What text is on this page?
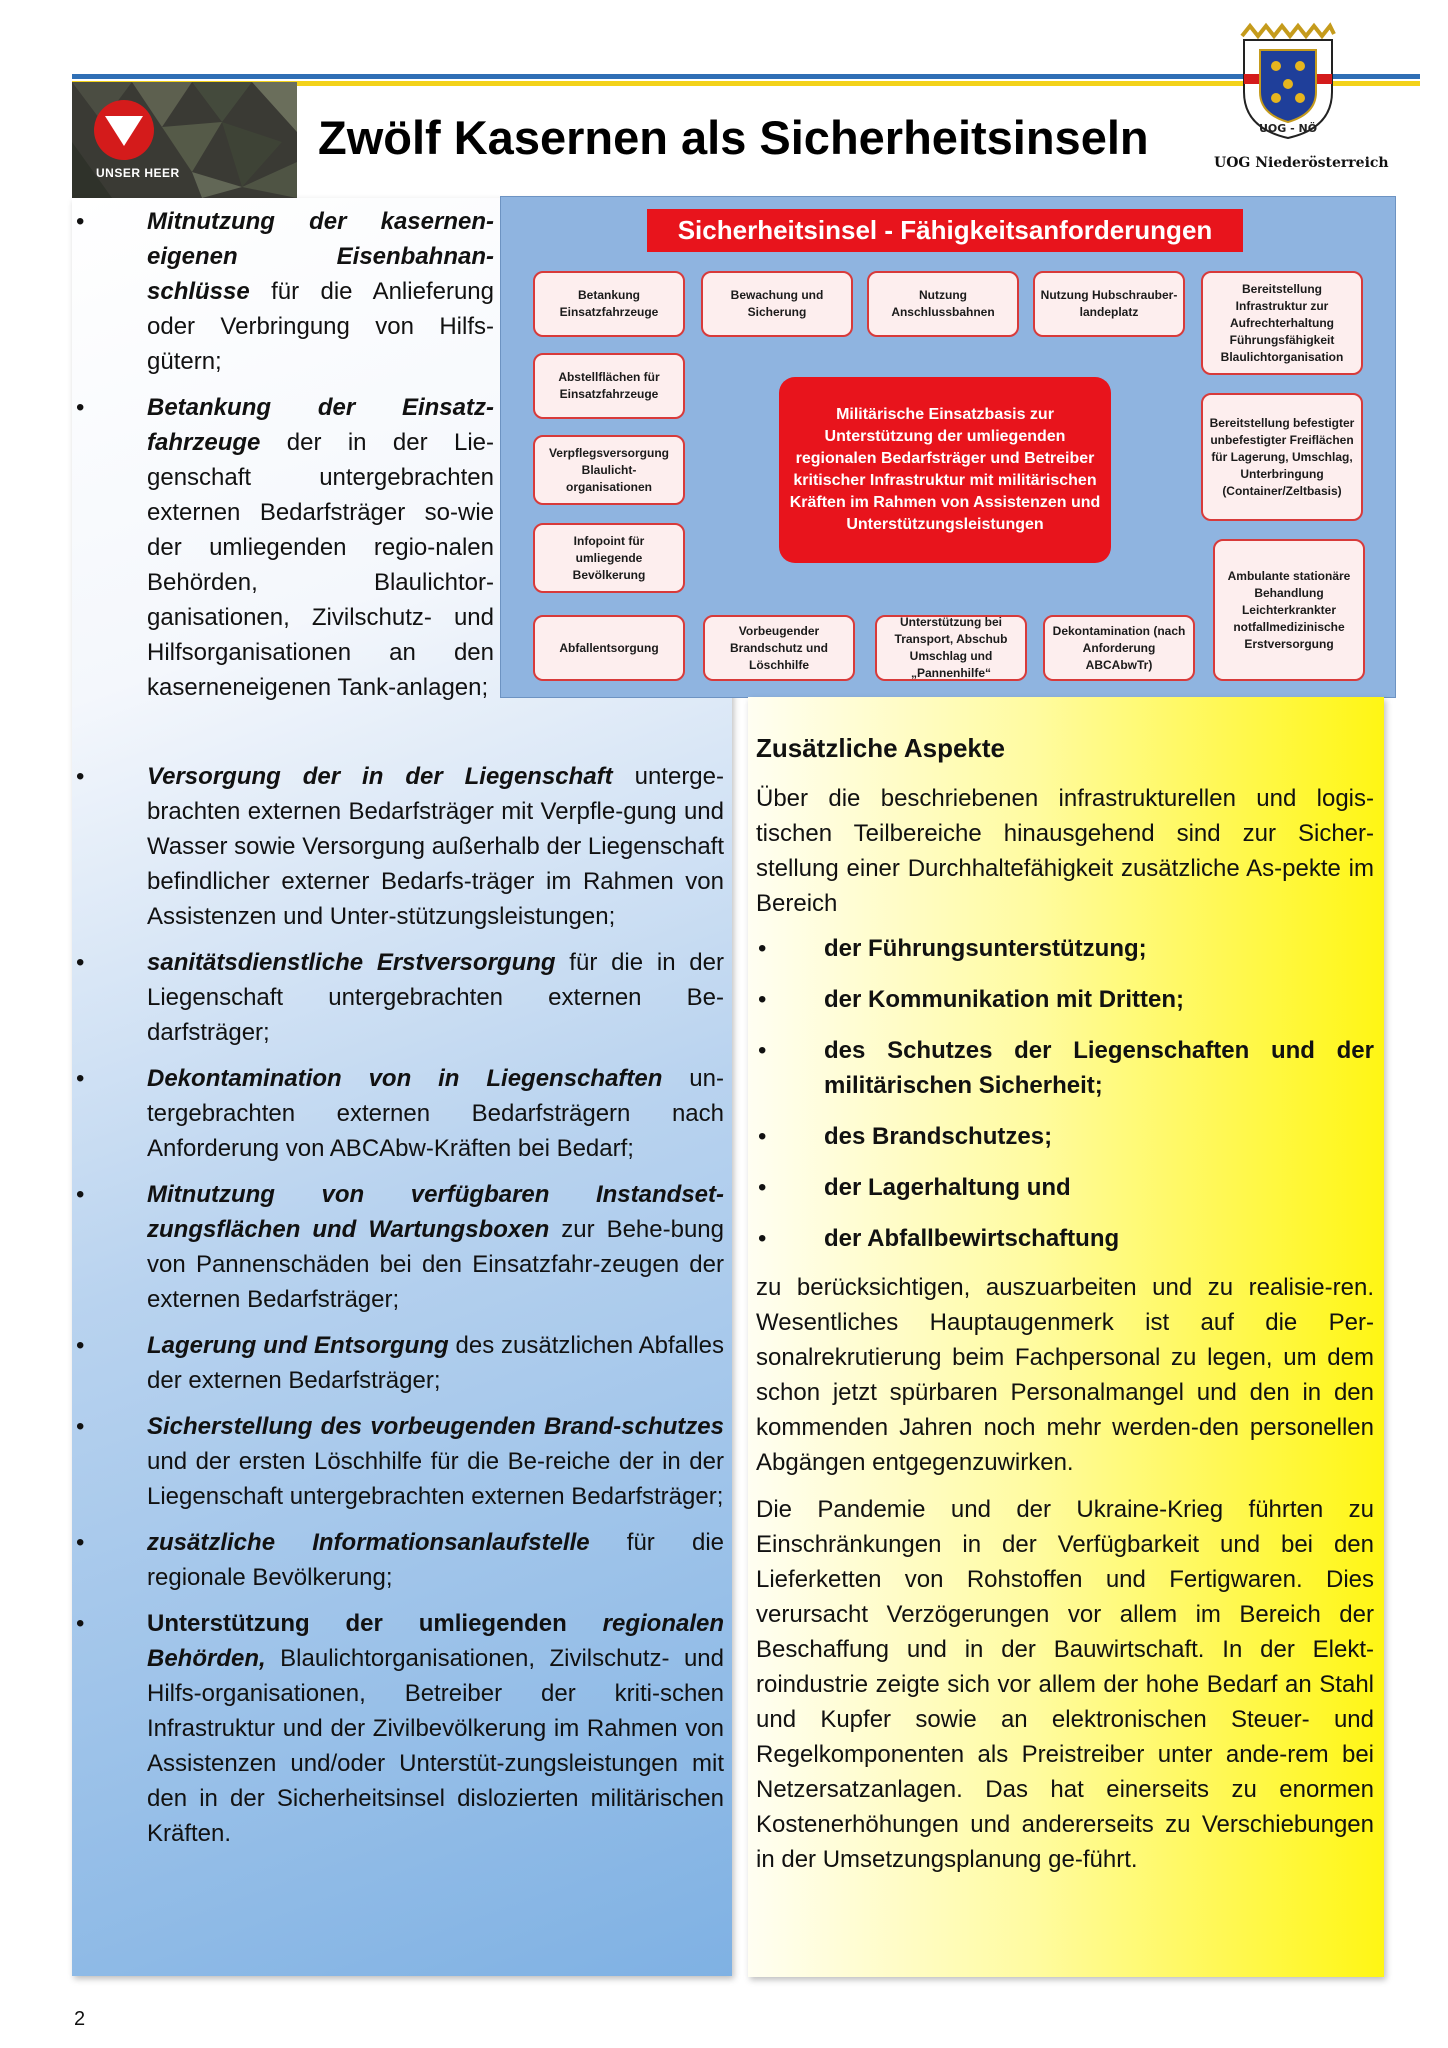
UNSER HEER
Zwölf Kasernen als Sicherheitsinseln	UOG - NÖ
UOG Niederösterreich
• Mitnutzung der kasernen-eigenen Eisenbahnan-schlüsse für die Anlieferung oder Verbringung von Hilfs-gütern;
• Betankung der Einsatz-fahrzeuge der in der Lie-genschaft untergebrachten externen Bedarfsträger so-wie der umliegenden regio-nalen Behörden, Blaulichtor-ganisationen, Zivilschutz- und Hilfsorganisationen an den kaserneneigenen Tank-anlagen;
• Versorgung der in der Liegenschaft unterge-brachten externen Bedarfsträger mit Verpfle-gung und Wasser sowie Versorgung außerhalb der Liegenschaft befindlicher externer Bedarfs-träger im Rahmen von Assistenzen und Unter-stützungsleistungen;
• sanitätsdienstliche Erstversorgung für die in der Liegenschaft untergebrachten externen Be-darfsträger;
• Dekontamination von in Liegenschaften un-tergebrachten externen Bedarfsträgern nach Anforderung von ABCAbw-Kräften bei Bedarf;
• Mitnutzung von verfügbaren Instandset-zungsflächen und Wartungsboxen zur Behe-bung von Pannenschäden bei den Einsatzfahr-zeugen der externen Bedarfsträger;
• Lagerung und Entsorgung des zusätzlichen Abfalles der externen Bedarfsträger;
• Sicherstellung des vorbeugenden Brand-schutzes und der ersten Löschhilfe für die Be-reiche der in der Liegenschaft untergebrachten externen Bedarfsträger;
• zusätzliche Informationsanlaufstelle für die regionale Bevölkerung;
• Unterstützung der umliegenden regionalen Behörden, Blaulichtorganisationen, Zivilschutz- und Hilfs-organisationen, Betreiber der kriti-schen Infrastruktur und der Zivilbevölkerung im Rahmen von Assistenzen und/oder Unterstüt-zungsleistungen mit den in der Sicherheitsinsel dislozierten militärischen Kräften.
Sicherheitsinsel - Fähigkeitsanforderungen
Betankung Einsatzfahrzeuge
Bewachung und Sicherung
Nutzung Anschlussbahnen
Nutzung Hubschrauber-landeplatz
Bereitstellung Infrastruktur zur Aufrechterhaltung Führungsfähigkeit Blaulichtorganisation
Abstellflächen für Einsatzfahrzeuge
Verpflegsversorgung Blaulicht-organisationen
Infopoint für umliegende Bevölkerung
Bereitstellung befestigter unbefestigter Freiflächen für Lagerung, Umschlag, Unterbringung (Container/Zeltbasis)
Ambulante stationäre Behandlung Leichterkrankter notfallmedizinische Erstversorgung
Abfallentsorgung
Vorbeugender Brandschutz und Löschhilfe
Unterstützung bei Transport, Abschub Umschlag und „Pannenhilfe“
Dekontamination (nach Anforderung ABCAbwTr)
Militärische Einsatzbasis zur Unterstützung der umliegenden regionalen Bedarfsträger und Betreiber kritischer Infrastruktur mit militärischen Kräften im Rahmen von Assistenzen und Unterstützungsleistungen
Zusätzliche Aspekte

Über die beschriebenen infrastrukturellen und logis-tischen Teilbereiche hinausgehend sind zur Sicher-stellung einer Durchhaltefähigkeit zusätzliche As-pekte im Bereich

• der Führungsunterstützung;
• der Kommunikation mit Dritten;
• des Schutzes der Liegenschaften und der militärischen Sicherheit;
• des Brandschutzes;
• der Lagerhaltung und
• der Abfallbewirtschaftung

zu berücksichtigen, auszuarbeiten und zu realisie-ren. Wesentliches Hauptaugenmerk ist auf die Per-sonalrekrutierung beim Fachpersonal zu legen, um dem schon jetzt spürbaren Personalmangel und den in den kommenden Jahren noch mehr werden-den personellen Abgängen entgegenzuwirken.

Die Pandemie und der Ukraine-Krieg führten zu Einschränkungen in der Verfügbarkeit und bei den Lieferketten von Rohstoffen und Fertigwaren. Dies verursacht Verzögerungen vor allem im Bereich der Beschaffung und in der Bauwirtschaft. In der Elekt-roindustrie zeigte sich vor allem der hohe Bedarf an Stahl und Kupfer sowie an elektronischen Steuer- und Regelkomponenten als Preistreiber unter ande-rem bei Netzersatzanlagen. Das hat einerseits zu enormen Kostenerhöhungen und andererseits zu Verschiebungen in der Umsetzungsplanung ge-führt.

2
